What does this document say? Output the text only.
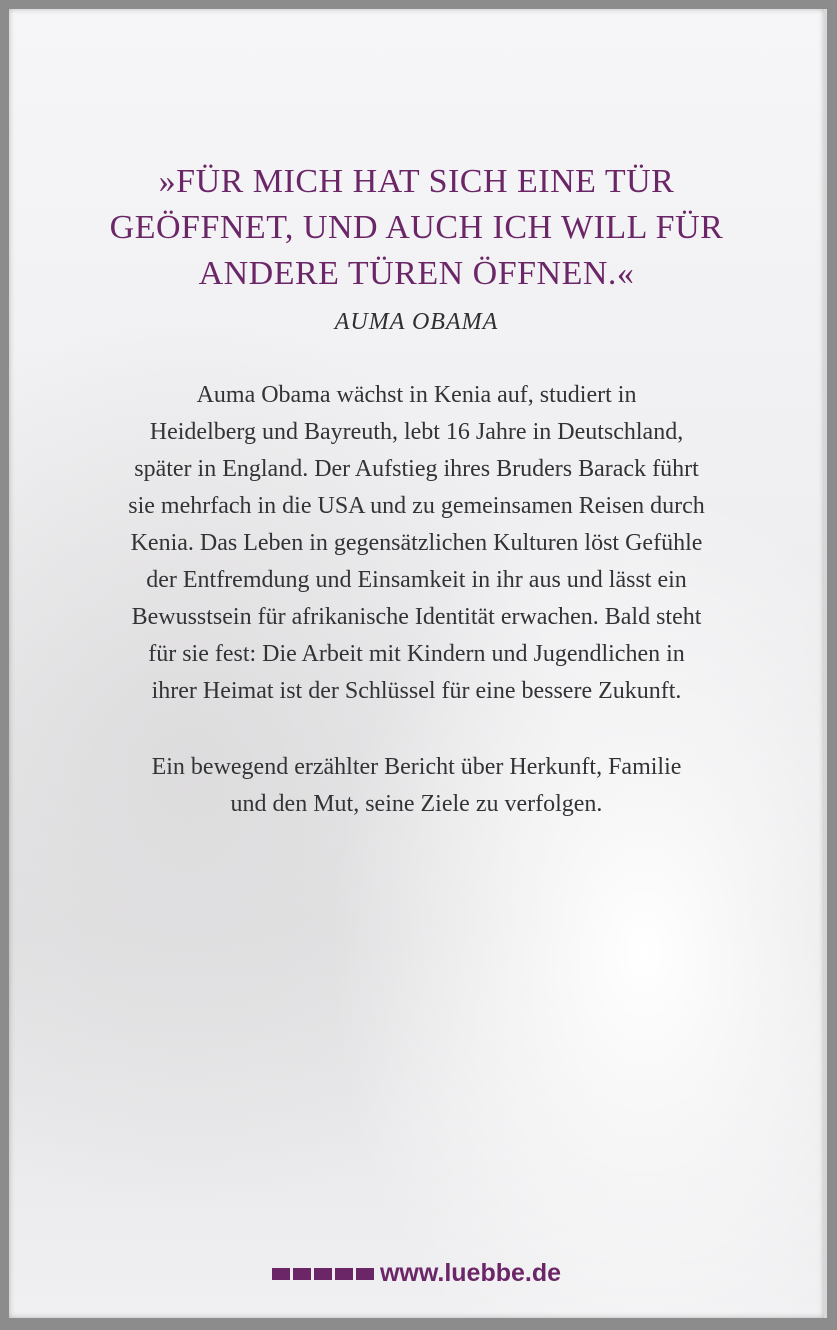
»FÜR MICH HAT SICH EINE TÜR
GEÖFFNET, UND AUCH ICH WILL FÜR
ANDERE TÜREN ÖFFNEN.«
AUMA OBAMA
Auma Obama wächst in Kenia auf, studiert in
Heidelberg und Bayreuth, lebt 16 Jahre in Deutschland,
später in England. Der Aufstieg ihres Bruders Barack führt
sie mehrfach in die USA und zu gemeinsamen Reisen durch
Kenia. Das Leben in gegensätzlichen Kulturen löst Gefühle
der Entfremdung und Einsamkeit in ihr aus und lässt ein
Bewusstsein für afrikanische Identität erwachen. Bald steht
für sie fest: Die Arbeit mit Kindern und Jugendlichen in
ihrer Heimat ist der Schlüssel für eine bessere Zukunft.
Ein bewegend erzählter Bericht über Herkunft, Familie
und den Mut, seine Ziele zu verfolgen.
www.luebbe.de
